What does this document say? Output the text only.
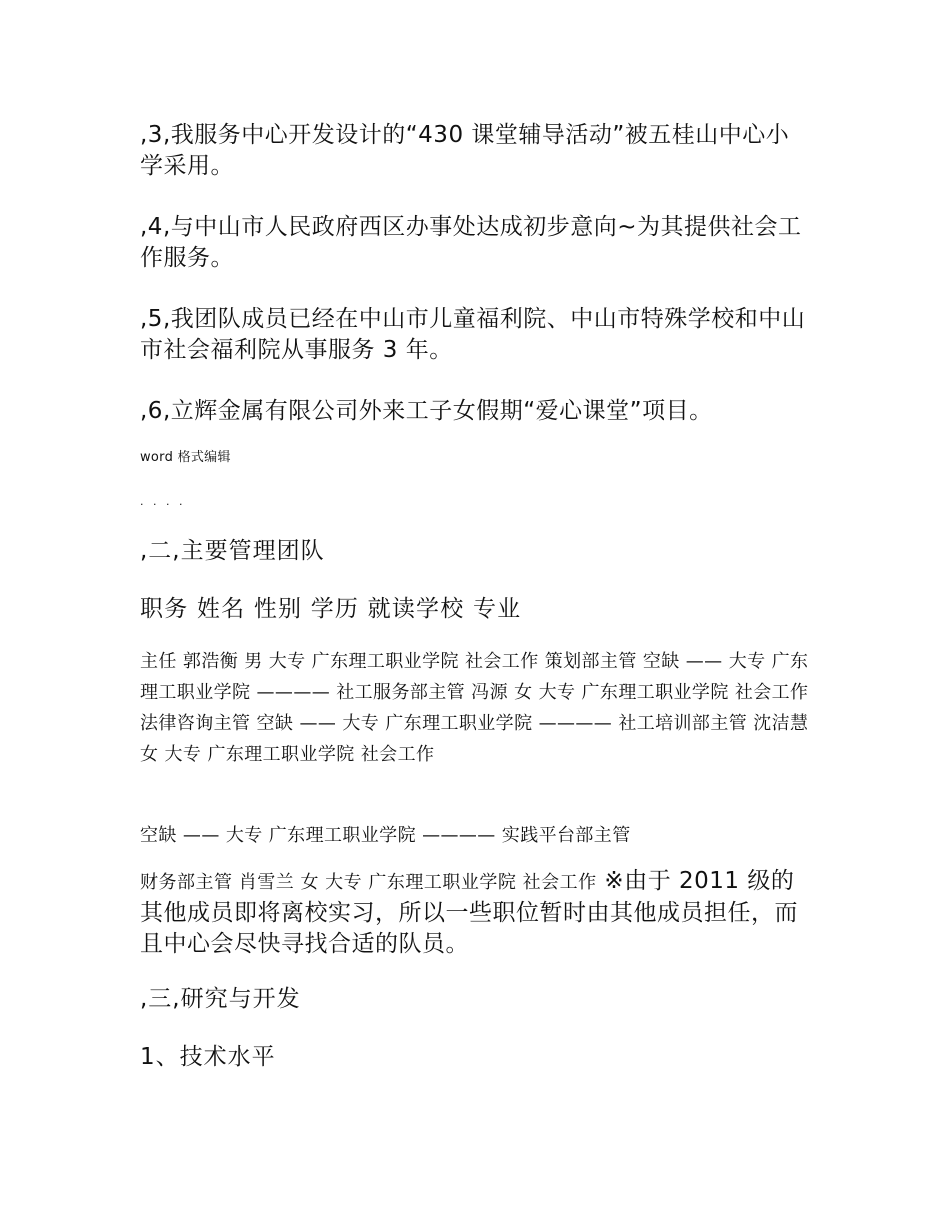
,3,我服务中心开发设计的“430 课堂辅导活动”被五桂山中心小学采用。

,4,与中山市人民政府西区办事处达成初步意向~为其提供社会工作服务。

,5,我团队成员已经在中山市儿童福利院、中山市特殊学校和中山市社会福利院从事服务 3 年。

,6,立辉金属有限公司外来工子女假期“爱心课堂”项目。

word 格式编辑

. . . .

,二,主要管理团队

职务 姓名 性别 学历 就读学校 专业

主任 郭浩衡 男 大专 广东理工职业学院 社会工作 策划部主管 空缺 —— 大专 广东理工职业学院 ———— 社工服务部主管 冯源 女 大专 广东理工职业学院 社会工作 法律咨询主管 空缺 —— 大专 广东理工职业学院 ———— 社工培训部主管 沈洁慧 女 大专 广东理工职业学院 社会工作

空缺 —— 大专 广东理工职业学院 ———— 实践平台部主管

财务部主管 肖雪兰 女 大专 广东理工职业学院 社会工作 ※由于 2011 级的其他成员即将离校实习，所以一些职位暂时由其他成员担任，而且中心会尽快寻找合适的队员。

,三,研究与开发

1、技术水平
